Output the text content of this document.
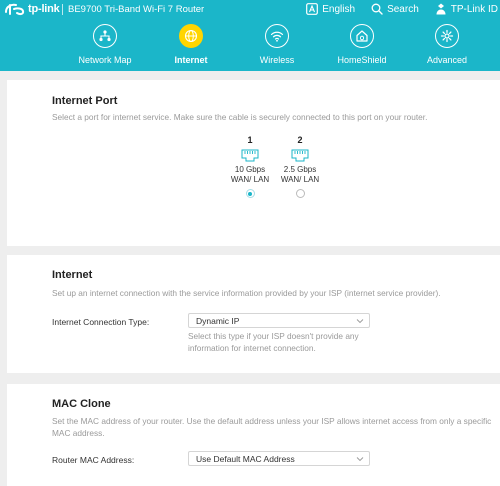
tp-link BE9700 Tri-Band Wi-Fi 7 Router	English	Search	TP-Link ID
Network Map	Internet	Wireless	HomeShield	Advanced
Internet Port
Select a port for internet service. Make sure the cable is securely connected to this port on your router.
1
10 Gbps WAN/ LAN
2
2.5 Gbps WAN/ LAN
Internet
Set up an internet connection with the service information provided by your ISP (internet service provider).
Internet Connection Type:	Dynamic IP
Select this type if your ISP doesn't provide any information for internet connection.
MAC Clone
Set the MAC address of your router. Use the default address unless your ISP allows internet access from only a specific MAC address.
Router MAC Address:	Use Default MAC Address
